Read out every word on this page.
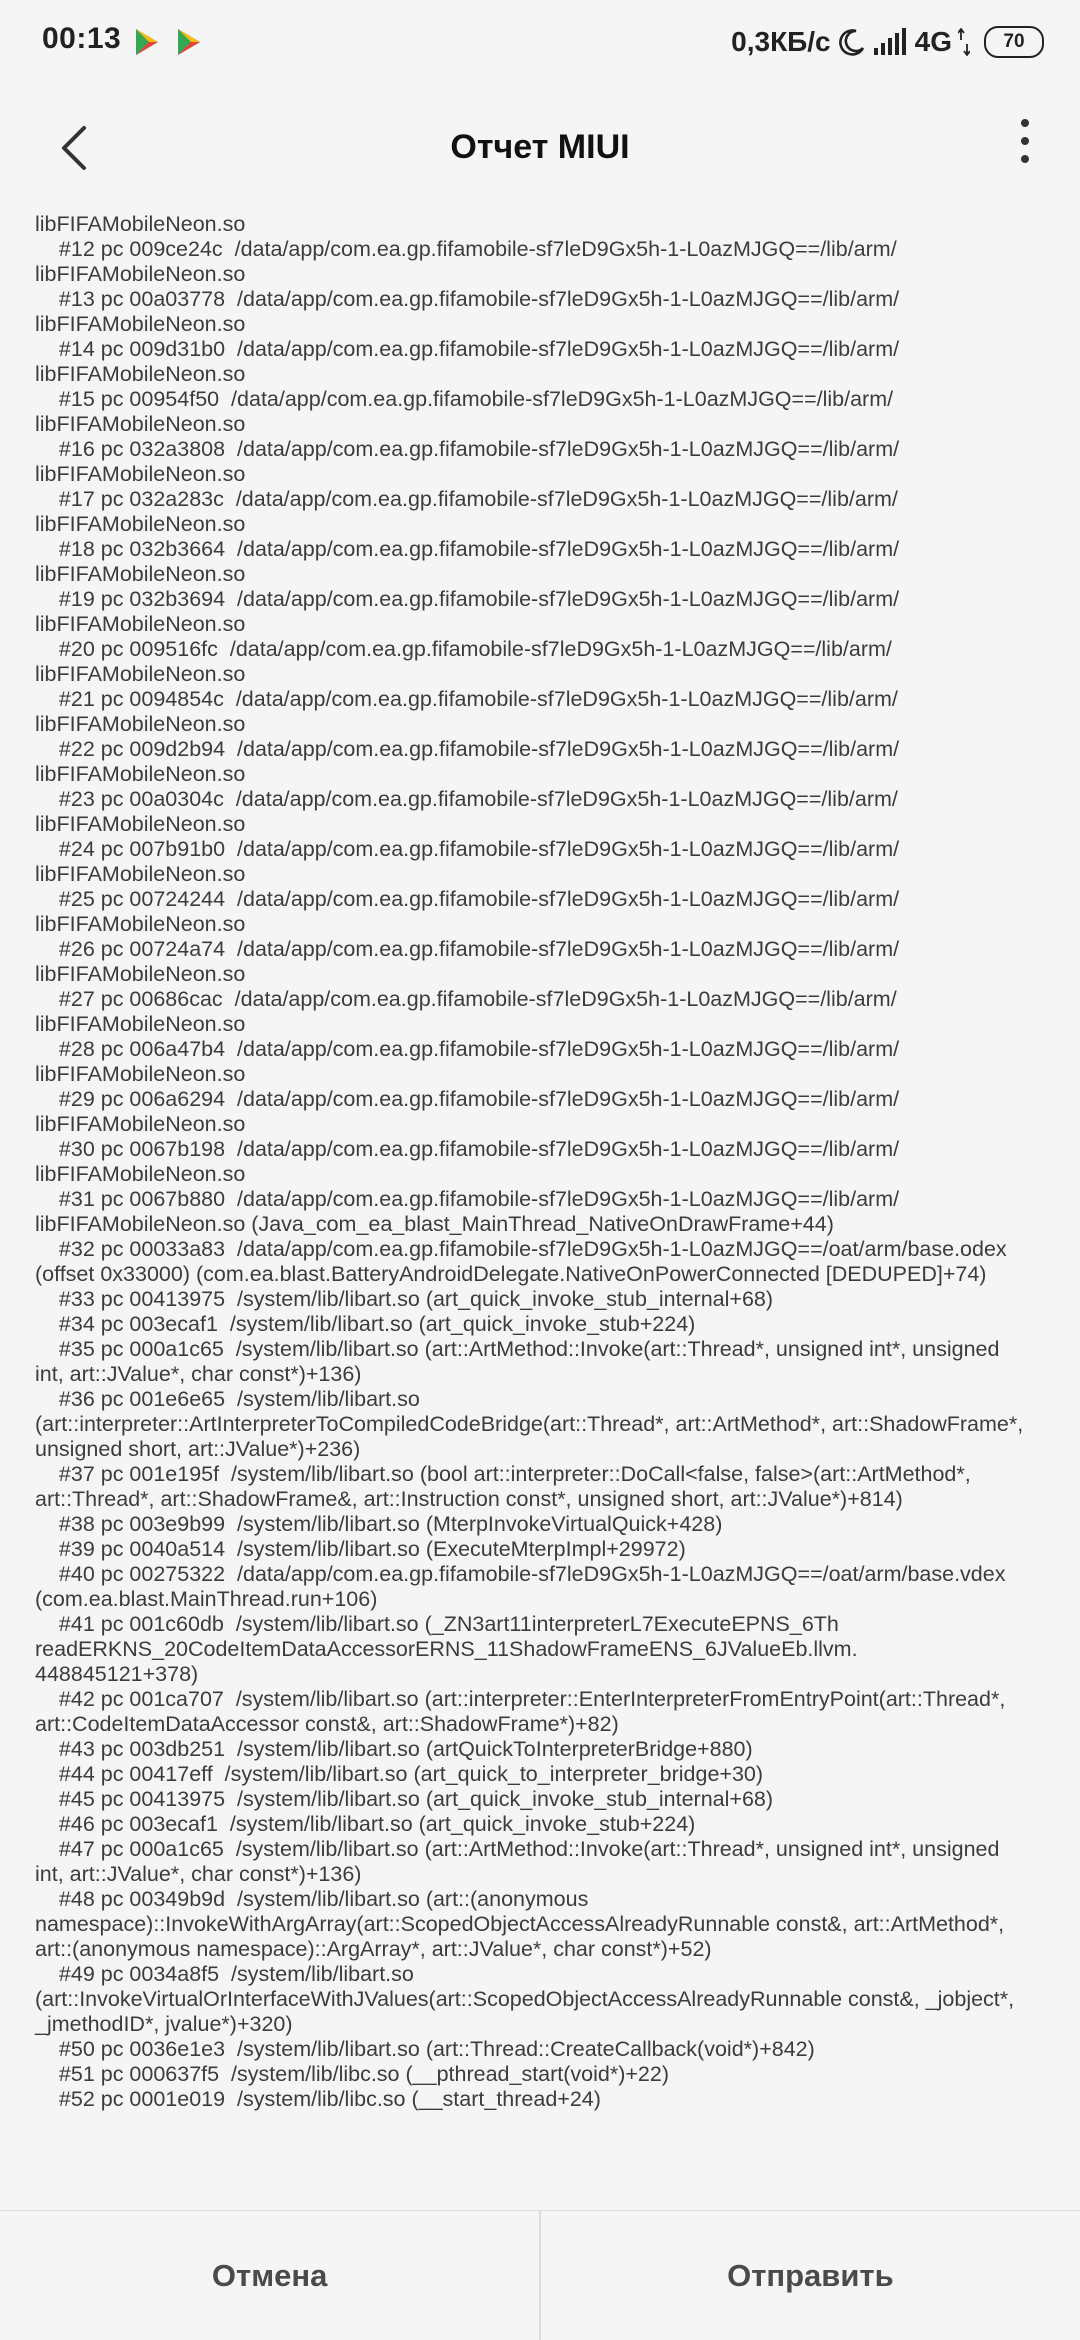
00:13	0,3КБ/с	4G	70
Отчет MIUI
libFIFAMobileNeon.so
#12 pc 009ce24c  /data/app/com.ea.gp.fifamobile-sf7leD9Gx5h-1-L0azMJGQ==/lib/arm/
libFIFAMobileNeon.so
#13 pc 00a03778  /data/app/com.ea.gp.fifamobile-sf7leD9Gx5h-1-L0azMJGQ==/lib/arm/
libFIFAMobileNeon.so
#14 pc 009d31b0  /data/app/com.ea.gp.fifamobile-sf7leD9Gx5h-1-L0azMJGQ==/lib/arm/
libFIFAMobileNeon.so
#15 pc 00954f50  /data/app/com.ea.gp.fifamobile-sf7leD9Gx5h-1-L0azMJGQ==/lib/arm/
libFIFAMobileNeon.so
#16 pc 032a3808  /data/app/com.ea.gp.fifamobile-sf7leD9Gx5h-1-L0azMJGQ==/lib/arm/
libFIFAMobileNeon.so
#17 pc 032a283c  /data/app/com.ea.gp.fifamobile-sf7leD9Gx5h-1-L0azMJGQ==/lib/arm/
libFIFAMobileNeon.so
#18 pc 032b3664  /data/app/com.ea.gp.fifamobile-sf7leD9Gx5h-1-L0azMJGQ==/lib/arm/
libFIFAMobileNeon.so
#19 pc 032b3694  /data/app/com.ea.gp.fifamobile-sf7leD9Gx5h-1-L0azMJGQ==/lib/arm/
libFIFAMobileNeon.so
#20 pc 009516fc  /data/app/com.ea.gp.fifamobile-sf7leD9Gx5h-1-L0azMJGQ==/lib/arm/
libFIFAMobileNeon.so
#21 pc 0094854c  /data/app/com.ea.gp.fifamobile-sf7leD9Gx5h-1-L0azMJGQ==/lib/arm/
libFIFAMobileNeon.so
#22 pc 009d2b94  /data/app/com.ea.gp.fifamobile-sf7leD9Gx5h-1-L0azMJGQ==/lib/arm/
libFIFAMobileNeon.so
#23 pc 00a0304c  /data/app/com.ea.gp.fifamobile-sf7leD9Gx5h-1-L0azMJGQ==/lib/arm/
libFIFAMobileNeon.so
#24 pc 007b91b0  /data/app/com.ea.gp.fifamobile-sf7leD9Gx5h-1-L0azMJGQ==/lib/arm/
libFIFAMobileNeon.so
#25 pc 00724244  /data/app/com.ea.gp.fifamobile-sf7leD9Gx5h-1-L0azMJGQ==/lib/arm/
libFIFAMobileNeon.so
#26 pc 00724a74  /data/app/com.ea.gp.fifamobile-sf7leD9Gx5h-1-L0azMJGQ==/lib/arm/
libFIFAMobileNeon.so
#27 pc 00686cac  /data/app/com.ea.gp.fifamobile-sf7leD9Gx5h-1-L0azMJGQ==/lib/arm/
libFIFAMobileNeon.so
#28 pc 006a47b4  /data/app/com.ea.gp.fifamobile-sf7leD9Gx5h-1-L0azMJGQ==/lib/arm/
libFIFAMobileNeon.so
#29 pc 006a6294  /data/app/com.ea.gp.fifamobile-sf7leD9Gx5h-1-L0azMJGQ==/lib/arm/
libFIFAMobileNeon.so
#30 pc 0067b198  /data/app/com.ea.gp.fifamobile-sf7leD9Gx5h-1-L0azMJGQ==/lib/arm/
libFIFAMobileNeon.so
#31 pc 0067b880  /data/app/com.ea.gp.fifamobile-sf7leD9Gx5h-1-L0azMJGQ==/lib/arm/
libFIFAMobileNeon.so (Java_com_ea_blast_MainThread_NativeOnDrawFrame+44)
#32 pc 00033a83  /data/app/com.ea.gp.fifamobile-sf7leD9Gx5h-1-L0azMJGQ==/oat/arm/base.odex
(offset 0x33000) (com.ea.blast.BatteryAndroidDelegate.NativeOnPowerConnected [DEDUPED]+74)
#33 pc 00413975  /system/lib/libart.so (art_quick_invoke_stub_internal+68)
#34 pc 003ecaf1  /system/lib/libart.so (art_quick_invoke_stub+224)
#35 pc 000a1c65  /system/lib/libart.so (art::ArtMethod::Invoke(art::Thread*, unsigned int*, unsigned
int, art::JValue*, char const*)+136)
#36 pc 001e6e65  /system/lib/libart.so
(art::interpreter::ArtInterpreterToCompiledCodeBridge(art::Thread*, art::ArtMethod*, art::ShadowFrame*,
unsigned short, art::JValue*)+236)
#37 pc 001e195f  /system/lib/libart.so (bool art::interpreter::DoCall<false, false>(art::ArtMethod*,
art::Thread*, art::ShadowFrame&, art::Instruction const*, unsigned short, art::JValue*)+814)
#38 pc 003e9b99  /system/lib/libart.so (MterpInvokeVirtualQuick+428)
#39 pc 0040a514  /system/lib/libart.so (ExecuteMterpImpl+29972)
#40 pc 00275322  /data/app/com.ea.gp.fifamobile-sf7leD9Gx5h-1-L0azMJGQ==/oat/arm/base.vdex
(com.ea.blast.MainThread.run+106)
#41 pc 001c60db  /system/lib/libart.so (_ZN3art11interpreterL7ExecuteEPNS_6Th
readERKNS_20CodeItemDataAccessorERNS_11ShadowFrameENS_6JValueEb.llvm.
448845121+378)
#42 pc 001ca707  /system/lib/libart.so (art::interpreter::EnterInterpreterFromEntryPoint(art::Thread*,
art::CodeItemDataAccessor const&, art::ShadowFrame*)+82)
#43 pc 003db251  /system/lib/libart.so (artQuickToInterpreterBridge+880)
#44 pc 00417eff  /system/lib/libart.so (art_quick_to_interpreter_bridge+30)
#45 pc 00413975  /system/lib/libart.so (art_quick_invoke_stub_internal+68)
#46 pc 003ecaf1  /system/lib/libart.so (art_quick_invoke_stub+224)
#47 pc 000a1c65  /system/lib/libart.so (art::ArtMethod::Invoke(art::Thread*, unsigned int*, unsigned
int, art::JValue*, char const*)+136)
#48 pc 00349b9d  /system/lib/libart.so (art::(anonymous
namespace)::InvokeWithArgArray(art::ScopedObjectAccessAlreadyRunnable const&, art::ArtMethod*,
art::(anonymous namespace)::ArgArray*, art::JValue*, char const*)+52)
#49 pc 0034a8f5  /system/lib/libart.so
(art::InvokeVirtualOrInterfaceWithJValues(art::ScopedObjectAccessAlreadyRunnable const&, _jobject*,
_jmethodID*, jvalue*)+320)
#50 pc 0036e1e3  /system/lib/libart.so (art::Thread::CreateCallback(void*)+842)
#51 pc 000637f5  /system/lib/libc.so (__pthread_start(void*)+22)
#52 pc 0001e019  /system/lib/libc.so (__start_thread+24)
Отмена	Отправить
